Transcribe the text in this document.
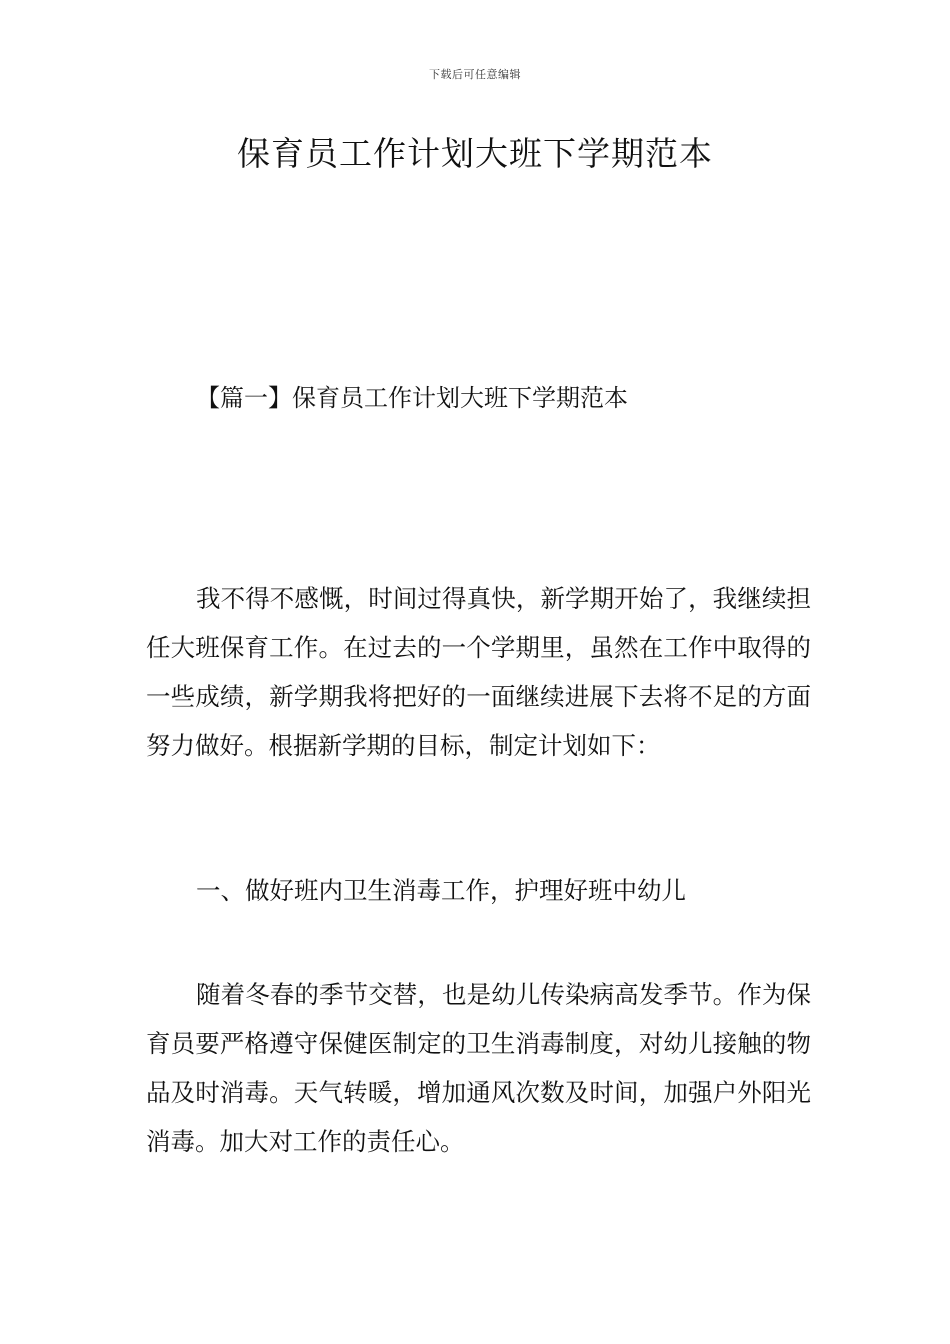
下载后可任意编辑
保育员工作计划大班下学期范本
【篇一】保育员工作计划大班下学期范本

我不得不感慨，时间过得真快，新学期开始了，我继续担任大班保育工作。在过去的一个学期里，虽然在工作中取得的一些成绩，新学期我将把好的一面继续进展下去将不足的方面努力做好。根据新学期的目标，制定计划如下：

一、做好班内卫生消毒工作，护理好班中幼儿

随着冬春的季节交替，也是幼儿传染病高发季节。作为保育员要严格遵守保健医制定的卫生消毒制度，对幼儿接触的物品及时消毒。天气转暖，增加通风次数及时间，加强户外阳光消毒。加大对工作的责任心。
